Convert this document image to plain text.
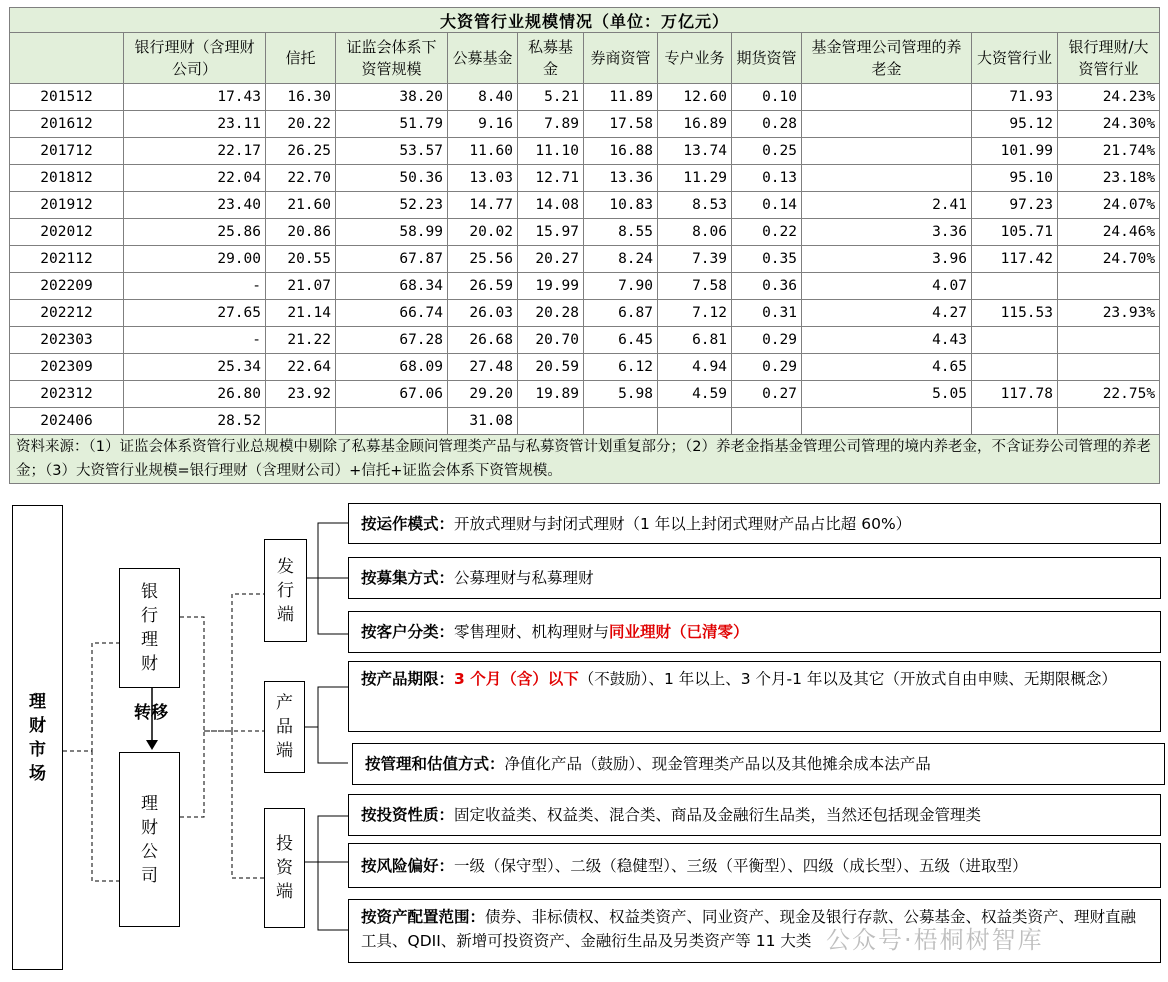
大资管行业规模情况（单位：万亿元）											
	银行理财（含理财公司）	信托	证监会体系下资管规模	公募基金	私募基金	券商资管	专户业务	期货资管	基金管理公司管理的养老金	大资管行业	银行理财/大资管行业
201512	17.43	16.30	38.20	8.40	5.21	11.89	12.60	0.10		71.93	24.23%
201612	23.11	20.22	51.79	9.16	7.89	17.58	16.89	0.28		95.12	24.30%
201712	22.17	26.25	53.57	11.60	11.10	16.88	13.74	0.25		101.99	21.74%
201812	22.04	22.70	50.36	13.03	12.71	13.36	11.29	0.13		95.10	23.18%
201912	23.40	21.60	52.23	14.77	14.08	10.83	8.53	0.14	2.41	97.23	24.07%
202012	25.86	20.86	58.99	20.02	15.97	8.55	8.06	0.22	3.36	105.71	24.46%
202112	29.00	20.55	67.87	25.56	20.27	8.24	7.39	0.35	3.96	117.42	24.70%
202209	-	21.07	68.34	26.59	19.99	7.90	7.58	0.36	4.07		
202212	27.65	21.14	66.74	26.03	20.28	6.87	7.12	0.31	4.27	115.53	23.93%
202303	-	21.22	67.28	26.68	20.70	6.45	6.81	0.29	4.43		
202309	25.34	22.64	68.09	27.48	20.59	6.12	4.94	0.29	4.65		
202312	26.80	23.92	67.06	29.20	19.89	5.98	4.59	0.27	5.05	117.78	22.75%
202406	28.52			31.08							
资料来源：（1）证监会体系资管行业总规模中剔除了私募基金顾问管理类产品与私募资管计划重复部分；（2）养老金指基金管理公司管理的境内养老金，不含证券公司管理的养老金；（3）大资管行业规模=银行理财（含理财公司）+信托+证监会体系下资管规模。											
理
财
市
场
银
行
理
财
转移
理
财
公
司
发
行
端
产
品
端
投
资
端
按运作模式：开放式理财与封闭式理财（1 年以上封闭式理财产品占比超 60%）
按募集方式：公募理财与私募理财
按客户分类：零售理财、机构理财与同业理财（已清零）
按产品期限：3 个月（含）以下（不鼓励）、1 年以上、3 个月-1 年以及其它（开放式自由申赎、无期限概念）
按管理和估值方式：净值化产品（鼓励）、现金管理类产品以及其他摊余成本法产品
按投资性质：固定收益类、权益类、混合类、商品及金融衍生品类，当然还包括现金管理类
按风险偏好：一级（保守型）、二级（稳健型）、三级（平衡型）、四级（成长型）、五级（进取型）
按资产配置范围：债券、非标债权、权益类资产、同业资产、现金及银行存款、公募基金、权益类资产、理财直融工具、QDII、新增可投资资产、金融衍生品及另类资产等 11 大类 公众号·梧桐树智库
